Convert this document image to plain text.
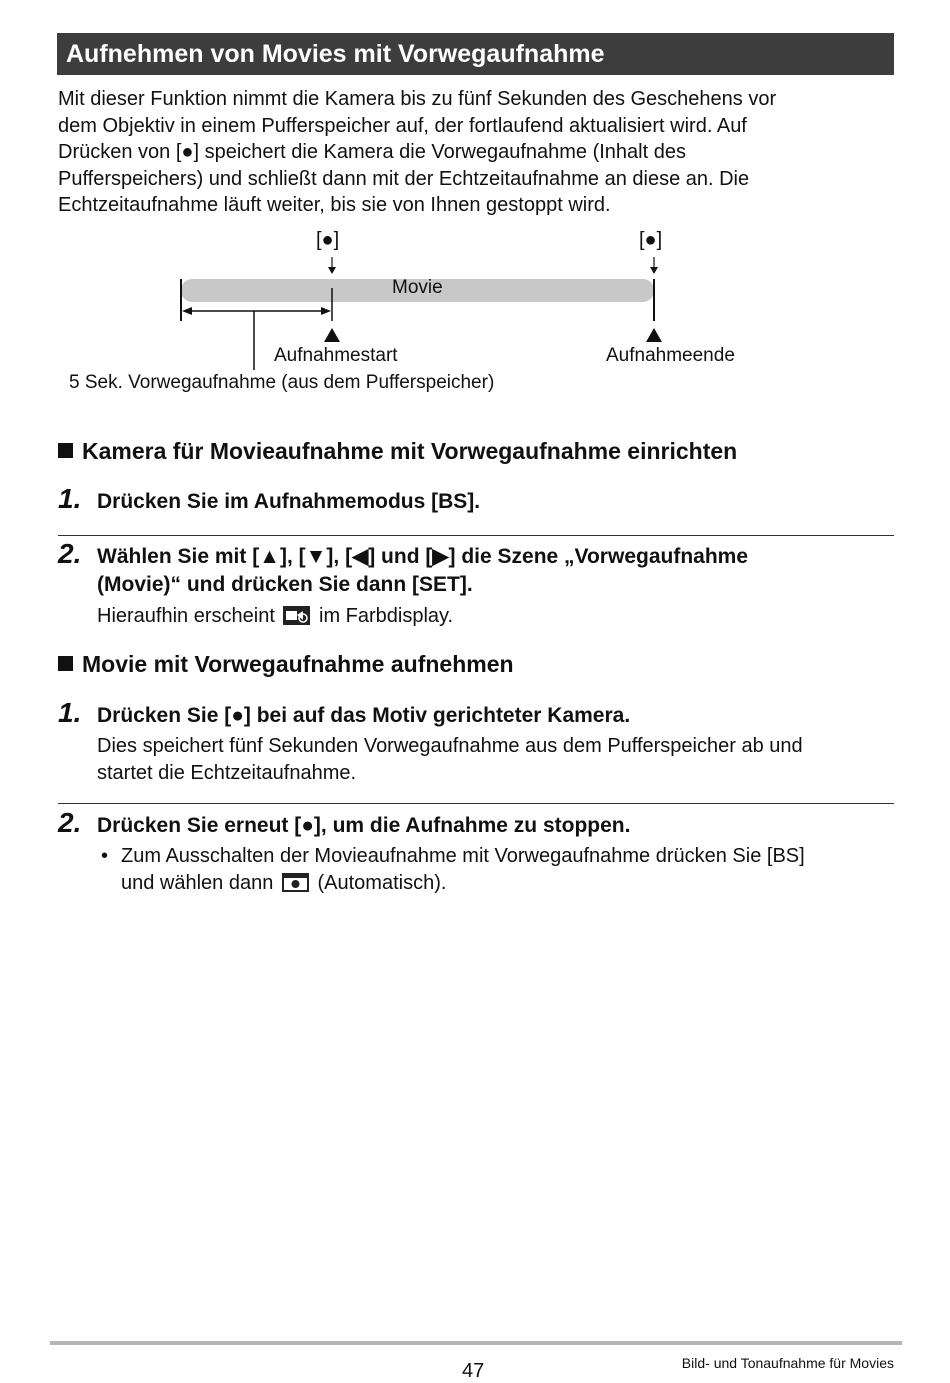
Aufnehmen von Movies mit Vorwegaufnahme

Mit dieser Funktion nimmt die Kamera bis zu fünf Sekunden des Geschehens vor

dem Objektiv in einem Pufferspeicher auf, der fortlaufend aktualisiert wird. Auf

Drücken von [●] speichert die Kamera die Vorwegaufnahme (Inhalt des

Pufferspeichers) und schließt dann mit der Echtzeitaufnahme an diese an. Die

Echtzeitaufnahme läuft weiter, bis sie von Ihnen gestoppt wird.

[●]	[●]
Movie
Aufnahmestart	Aufnahmeende
5 Sek. Vorwegaufnahme (aus dem Pufferspeicher)
Kamera für Movieaufnahme mit Vorwegaufnahme einrichten
1. Drücken Sie im Aufnahmemodus [BS].
2. Wählen Sie mit [▲], [▼], [◀] und [▶] die Szene „Vorwegaufnahme
(Movie)“ und drücken Sie dann [SET].
Hieraufhin erscheint im Farbdisplay.
Movie mit Vorwegaufnahme aufnehmen
1. Drücken Sie [●] bei auf das Motiv gerichteter Kamera.
Dies speichert fünf Sekunden Vorwegaufnahme aus dem Pufferspeicher ab und
startet die Echtzeitaufnahme.
2. Drücken Sie erneut [●], um die Aufnahme zu stoppen.
• Zum Ausschalten der Movieaufnahme mit Vorwegaufnahme drücken Sie [BS]
und wählen dann (Automatisch).
47	Bild- und Tonaufnahme für Movies
